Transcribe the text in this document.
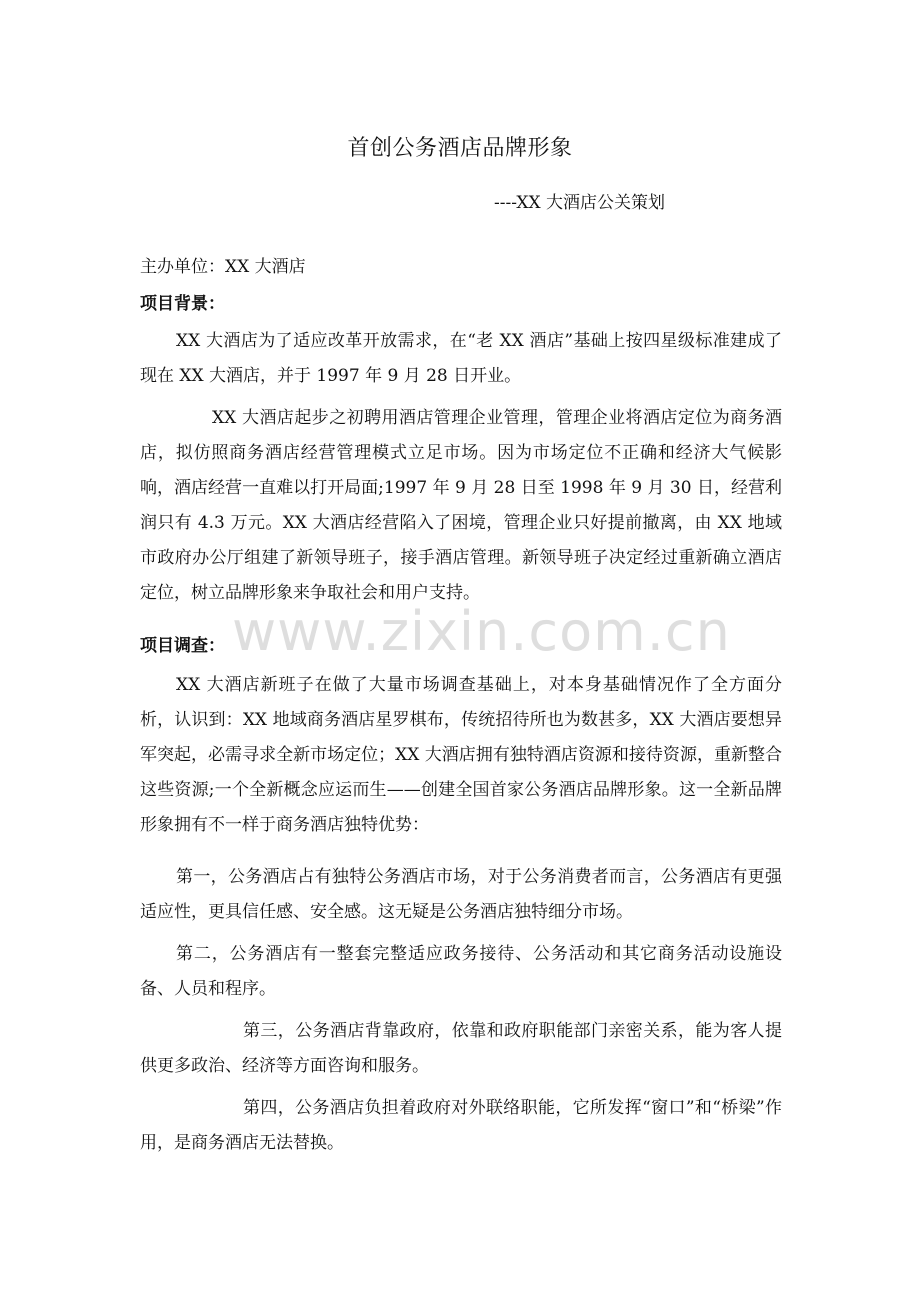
首创公务酒店品牌形象
----XX 大酒店公关策划
主办单位：XX 大酒店
项目背景：
XX 大酒店为了适应改革开放需求，在“老 XX 酒店”基础上按四星级标准建成了现在 XX 大酒店，并于 1997 年 9 月 28 日开业。
XX 大酒店起步之初聘用酒店管理企业管理，管理企业将酒店定位为商务酒店，拟仿照商务酒店经营管理模式立足市场。因为市场定位不正确和经济大气候影响，酒店经营一直难以打开局面;1997 年 9 月 28 日至 1998 年 9 月 30 日，经营利润只有 4.3 万元。XX 大酒店经营陷入了困境，管理企业只好提前撤离，由 XX 地域市政府办公厅组建了新领导班子，接手酒店管理。新领导班子决定经过重新确立酒店定位，树立品牌形象来争取社会和用户支持。
项目调查：
XX 大酒店新班子在做了大量市场调查基础上，对本身基础情况作了全方面分析，认识到：XX 地域商务酒店星罗棋布，传统招待所也为数甚多，XX 大酒店要想异军突起，必需寻求全新市场定位；XX 大酒店拥有独特酒店资源和接待资源，重新整合这些资源;一个全新概念应运而生——创建全国首家公务酒店品牌形象。这一全新品牌形象拥有不一样于商务酒店独特优势：
第一，公务酒店占有独特公务酒店市场，对于公务消费者而言，公务酒店有更强适应性，更具信任感、安全感。这无疑是公务酒店独特细分市场。
第二，公务酒店有一整套完整适应政务接待、公务活动和其它商务活动设施设备、人员和程序。
第三，公务酒店背靠政府，依靠和政府职能部门亲密关系，能为客人提供更多政治、经济等方面咨询和服务。
第四，公务酒店负担着政府对外联络职能，它所发挥“窗口”和“桥梁”作用，是商务酒店无法替换。
www.zixin.com.cn
